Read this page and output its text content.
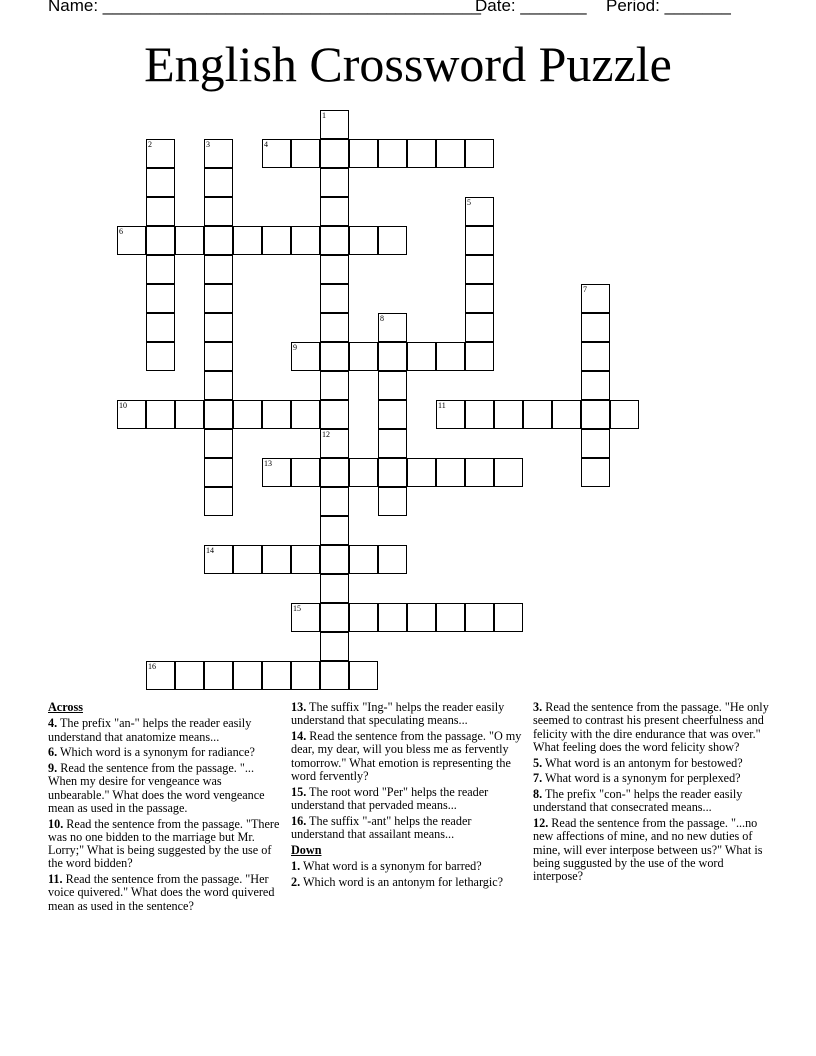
Name: ________________________________________
Date: _______ Period: _______
English Crossword Puzzle
1
2	3	4
5
6
7
8
9
10	11
12
13
14
15
16

Across

4. The prefix "an-" helps the reader easily understand that anatomize means...

6. Which word is a synonym for radiance?

9. Read the sentence from the passage. "... When my desire for vengeance was unbearable." What does the word vengeance mean as used in the passage.

10. Read the sentence from the passage. "There was no one bidden to the marriage but Mr. Lorry;" What is being suggested by the use of the word bidden?

11. Read the sentence from the passage. "Her voice quivered." What does the word quivered mean as used in the sentence?

13. The suffix "Ing-" helps the reader easily understand that speculating means...

14. Read the sentence from the passage. "O my dear, my dear, will you bless me as fervently tomorrow." What emotion is representing the word fervently?

15. The root word "Per" helps the reader understand that pervaded means...

16. The suffix "-ant" helps the reader understand that assailant means...

Down

1. What word is a synonym for barred?

2. Which word is an antonym for lethargic?

3. Read the sentence from the passage. "He only seemed to contrast his present cheerfulness and felicity with the dire endurance that was over." What feeling does the word felicity show?

5. What word is an antonym for bestowed?

7. What word is a synonym for perplexed?

8. The prefix "con-" helps the reader easily understand that consecrated means...

12. Read the sentence from the passage. "...no new affections of mine, and no new duties of mine, will ever interpose between us?" What is being suggusted by the use of the word interpose?
